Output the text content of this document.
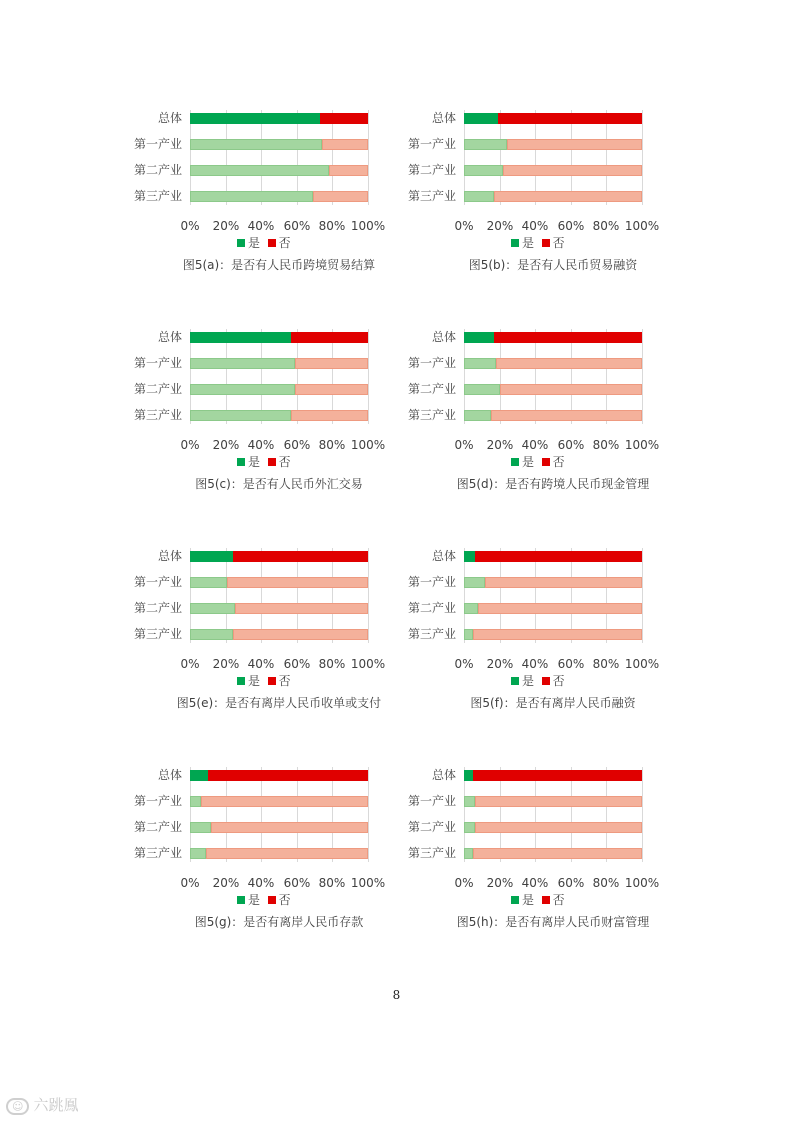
总体
第一产业
第二产业
第三产业
0%	20% 40% 60% 80% 100%
是 否
图5(a)：是否有人民币跨境贸易结算
总体
第一产业
第二产业
第三产业
0%	20% 40% 60% 80% 100%
是 否
图5(b)：是否有人民币贸易融资
总体
第一产业
第二产业
第三产业
0%	20% 40% 60% 80% 100%
是 否
图5(c)：是否有人民币外汇交易
总体
第一产业
第二产业
第三产业
0%	20% 40% 60% 80% 100%
是 否
图5(d)：是否有跨境人民币现金管理
总体
第一产业
第二产业
第三产业
0%	20% 40% 60% 80% 100%
是 否
图5(e)：是否有离岸人民币收单或支付
总体
第一产业
第二产业
第三产业
0%	20% 40% 60% 80% 100%
是 否
图5(f)：是否有离岸人民币融资
总体
第一产业
第二产业
第三产业
0%	20% 40% 60% 80% 100%
是 否
图5(g)：是否有离岸人民币存款
总体
第一产业
第二产业
第三产业
0%	20% 40% 60% 80% 100%
是 否
图5(h)：是否有离岸人民币财富管理
8
☺ 六跳鳯
